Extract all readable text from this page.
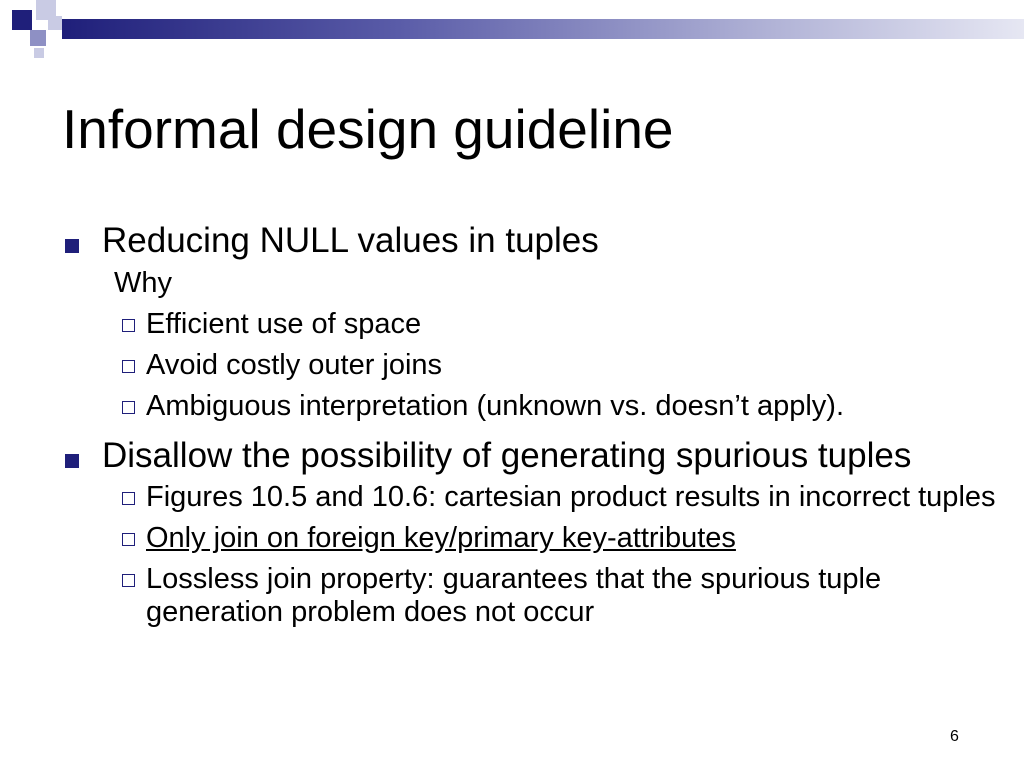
Informal design guideline
Reducing NULL values in tuples
Why
Efficient use of space
Avoid costly outer joins
Ambiguous interpretation (unknown vs. doesn’t apply).
Disallow the possibility of generating spurious tuples
Figures 10.5 and 10.6: cartesian product results in incorrect tuples
Only join on foreign key/primary key-attributes
Lossless join property: guarantees that the spurious tuple generation problem does not occur
6
